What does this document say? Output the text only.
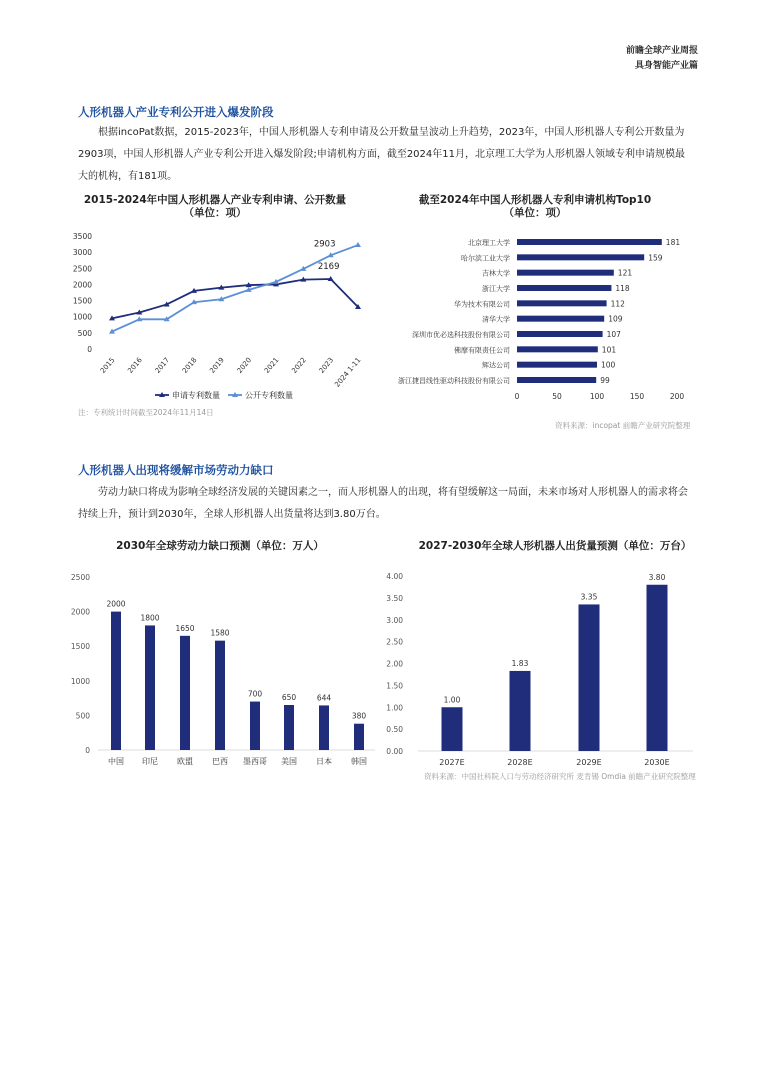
前瞻全球产业周报
具身智能产业篇
人形机器人产业专利公开进入爆发阶段
根据incoPat数据，2015-2023年，中国人形机器人专利申请及公开数量呈波动上升趋势，2023年，中国人形机器人专利公开数量为2903项，中国人形机器人产业专利公开进入爆发阶段;申请机构方面，截至2024年11月，北京理工大学为人形机器人领域专利申请规模最大的机构，有181项。
2015-2024年中国人形机器人产业专利申请、公开数量
（单位：项）
0
500
1000
1500
2000
2500
3000
3500
2015 2016 2017 2018 2019 2020 2021 2022 2023
2024 1-11
2903
2169
申请专利数量	公开专利数量
截至2024年中国人形机器人专利申请机构Top10
（单位：项）
北京理工大学	181
哈尔滨工业大学	159
吉林大学	121
浙江大学	118
华为技术有限公司	112
清华大学	109
深圳市优必选科技股份有限公司	107
佛摩有限责任公司	101
辉达公司	100
浙江捷昌线性驱动科技股份有限公司	99
0	50	100	150	200
2030年全球劳动力缺口预测（单位：万人）
0
500
1000
1500
2000
2500
2000
中国
1800
印尼
1650
欧盟
1580
巴西
700
墨西哥
650
美国
644
日本
380
韩国
2027-2030年全球人形机器人出货量预测（单位：万台）
0.00
0.50
1.00
1.50
2.00
2.50
3.00
3.50
4.00
1.00
2027E
1.83
2028E
3.35
2029E
3.80
2030E
注：专利统计时间截至2024年11月14日
资料来源：incopat 前瞻产业研究院整理
人形机器人出现将缓解市场劳动力缺口
劳动力缺口将成为影响全球经济发展的关键因素之一，而人形机器人的出现，将有望缓解这一局面，未来市场对人形机器人的需求将会持续上升，预计到2030年，全球人形机器人出货量将达到3.80万台。
资料来源：中国社科院人口与劳动经济研究所 麦肯锡 Omdia 前瞻产业研究院整理
